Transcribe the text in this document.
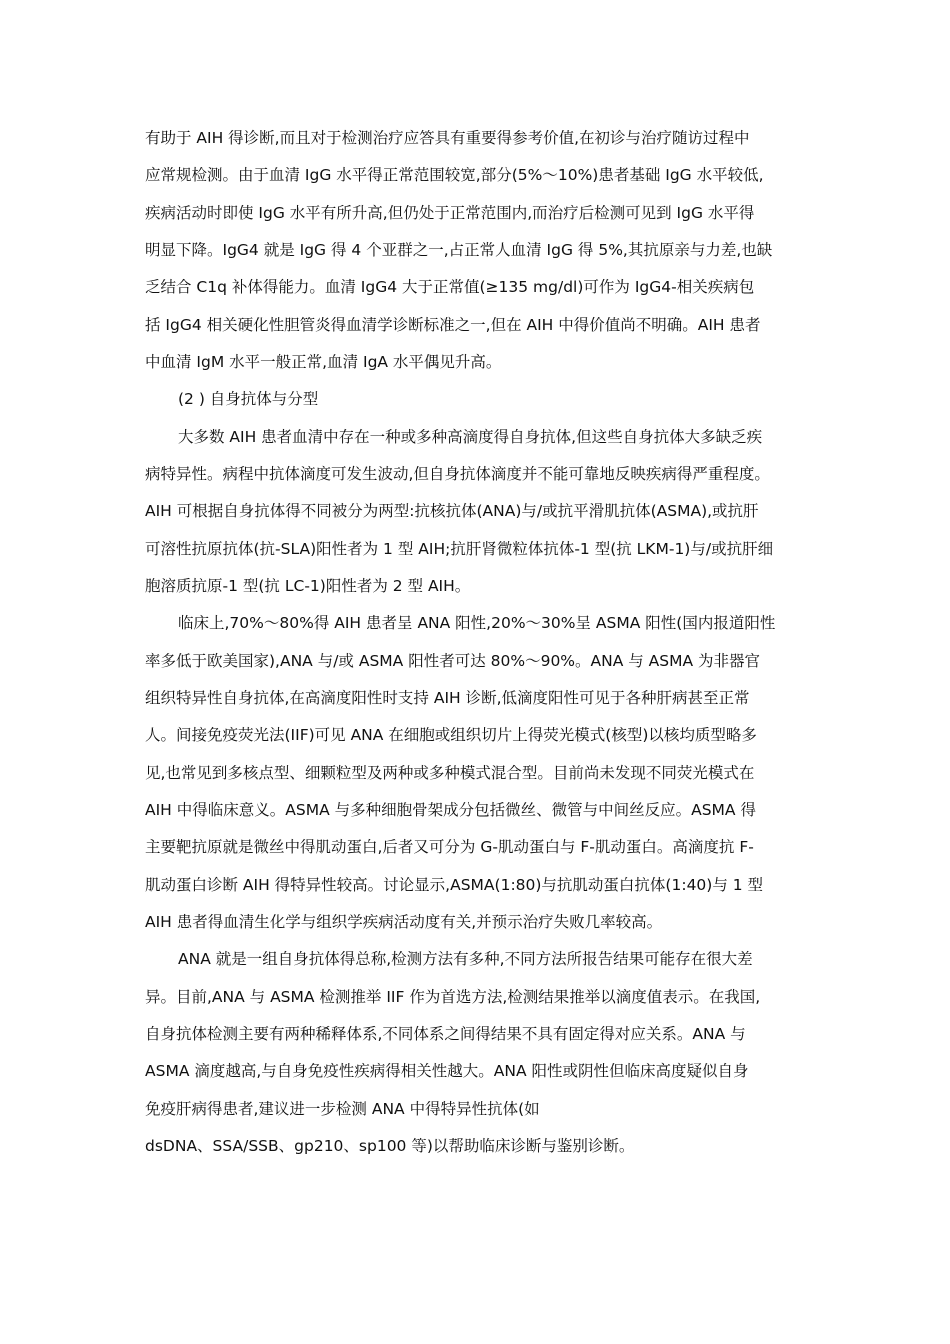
有助于 AIH 得诊断,而且对于检测治疗应答具有重要得参考价值,在初诊与治疗随访过程中
应常规检测。由于血清 IgG 水平得正常范围较宽,部分(5%～10%)患者基础 IgG 水平较低,
疾病活动时即使 IgG 水平有所升高,但仍处于正常范围内,而治疗后检测可见到 IgG 水平得
明显下降。IgG4 就是 IgG 得 4 个亚群之一,占正常人血清 IgG 得 5%,其抗原亲与力差,也缺
乏结合 C1q 补体得能力。血清 IgG4 大于正常值(≥135 mg/dl)可作为 IgG4-相关疾病包
括 IgG4 相关硬化性胆管炎得血清学诊断标准之一,但在 AIH 中得价值尚不明确。AIH 患者
中血清 IgM 水平一般正常,血清 IgA 水平偶见升高。
(2 ) 自身抗体与分型
大多数 AIH 患者血清中存在一种或多种高滴度得自身抗体,但这些自身抗体大多缺乏疾
病特异性。病程中抗体滴度可发生波动,但自身抗体滴度并不能可靠地反映疾病得严重程度。
AIH 可根据自身抗体得不同被分为两型:抗核抗体(ANA)与/或抗平滑肌抗体(ASMA),或抗肝
可溶性抗原抗体(抗-SLA)阳性者为 1 型 AIH;抗肝肾微粒体抗体-1 型(抗 LKM-1)与/或抗肝细
胞溶质抗原-1 型(抗 LC-1)阳性者为 2 型 AIH。
临床上,70%～80%得 AIH 患者呈 ANA 阳性,20%～30%呈 ASMA 阳性(国内报道阳性
率多低于欧美国家),ANA 与/或 ASMA 阳性者可达 80%～90%。ANA 与 ASMA 为非器官
组织特异性自身抗体,在高滴度阳性时支持 AIH 诊断,低滴度阳性可见于各种肝病甚至正常
人。间接免疫荧光法(IIF)可见 ANA 在细胞或组织切片上得荧光模式(核型)以核均质型略多
见,也常见到多核点型、细颗粒型及两种或多种模式混合型。目前尚未发现不同荧光模式在
AIH 中得临床意义。ASMA 与多种细胞骨架成分包括微丝、微管与中间丝反应。ASMA 得
主要靶抗原就是微丝中得肌动蛋白,后者又可分为 G-肌动蛋白与 F-肌动蛋白。高滴度抗 F-
肌动蛋白诊断 AIH 得特异性较高。讨论显示,ASMA(1:80)与抗肌动蛋白抗体(1:40)与 1 型
AIH 患者得血清生化学与组织学疾病活动度有关,并预示治疗失败几率较高。
ANA 就是一组自身抗体得总称,检测方法有多种,不同方法所报告结果可能存在很大差
异。目前,ANA 与 ASMA 检测推举 IIF 作为首选方法,检测结果推举以滴度值表示。在我国,
自身抗体检测主要有两种稀释体系,不同体系之间得结果不具有固定得对应关系。ANA 与
ASMA 滴度越高,与自身免疫性疾病得相关性越大。ANA 阳性或阴性但临床高度疑似自身
免疫肝病得患者,建议进一步检测 ANA 中得特异性抗体(如
dsDNA、SSA/SSB、gp210、sp100 等)以帮助临床诊断与鉴别诊断。
